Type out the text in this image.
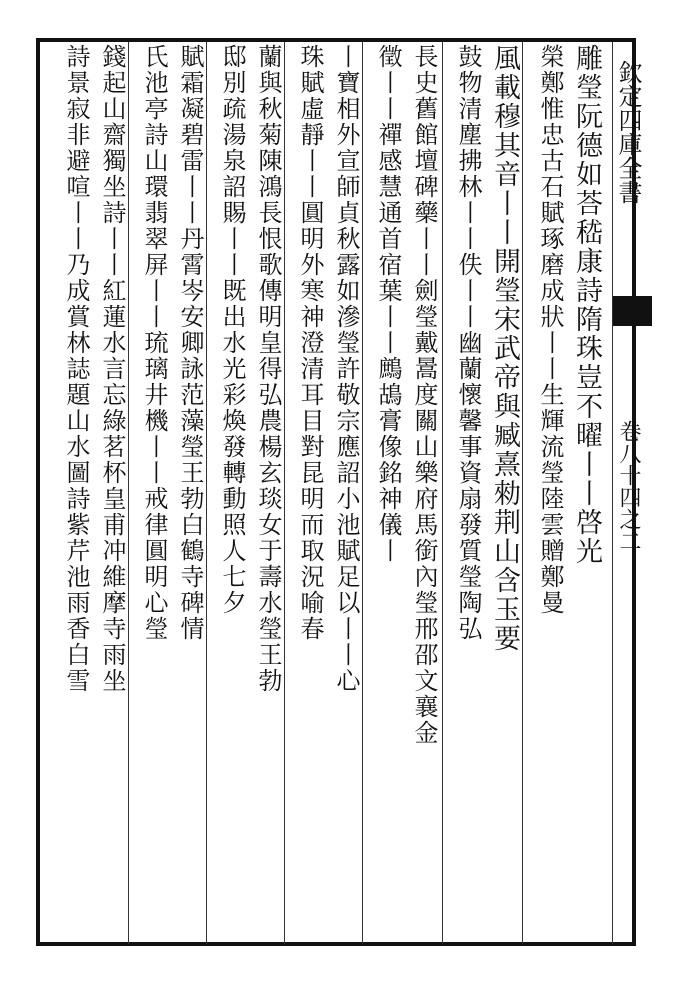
欽定四庫全書
卷八十四之二
雕瑩阮德如荅嵇康詩隋珠豈不曜丨丨啓光
榮鄭惟忠古石賦琢磨成狀丨丨生輝流瑩陸雲贈鄭曼
風載穆其音丨丨開瑩宋武帝與臧熹勑荆山含玉要
鼓物清塵拂林丨丨佚丨丨幽蘭懷馨事資扇發質瑩陶弘
長史舊館壇碑藥丨丨劍瑩戴暠度關山樂府馬銜內瑩邢邵文襄金
徵丨丨禪感慧通首宿葉丨丨鷓鴣膏像銘神儀丨
丨寶相外宣師貞秋露如滲瑩許敬宗應詔小池賦足以丨丨心
珠賦虛靜丨丨圓明外寒神澄清耳目對昆明而取況喻春
蘭與秋菊陳鴻長恨歌傳明皇得弘農楊玄琰女于壽水瑩王勃
邸別疏湯泉詔賜丨丨既出水光彩煥發轉動照人七夕
賦霜凝碧雷丨丨丹霄岑安卿詠范藻瑩王勃白鶴寺碑情
氏池亭詩山環翡翠屏丨丨琉璃井機丨丨戒律圓明心瑩
錢起山齋獨坐詩丨丨紅蓮水言忘綠茗杯皇甫冲維摩寺雨坐
詩景寂非避喧丨丨乃成賞林誌題山水圖詩紫芹池雨香白雪
